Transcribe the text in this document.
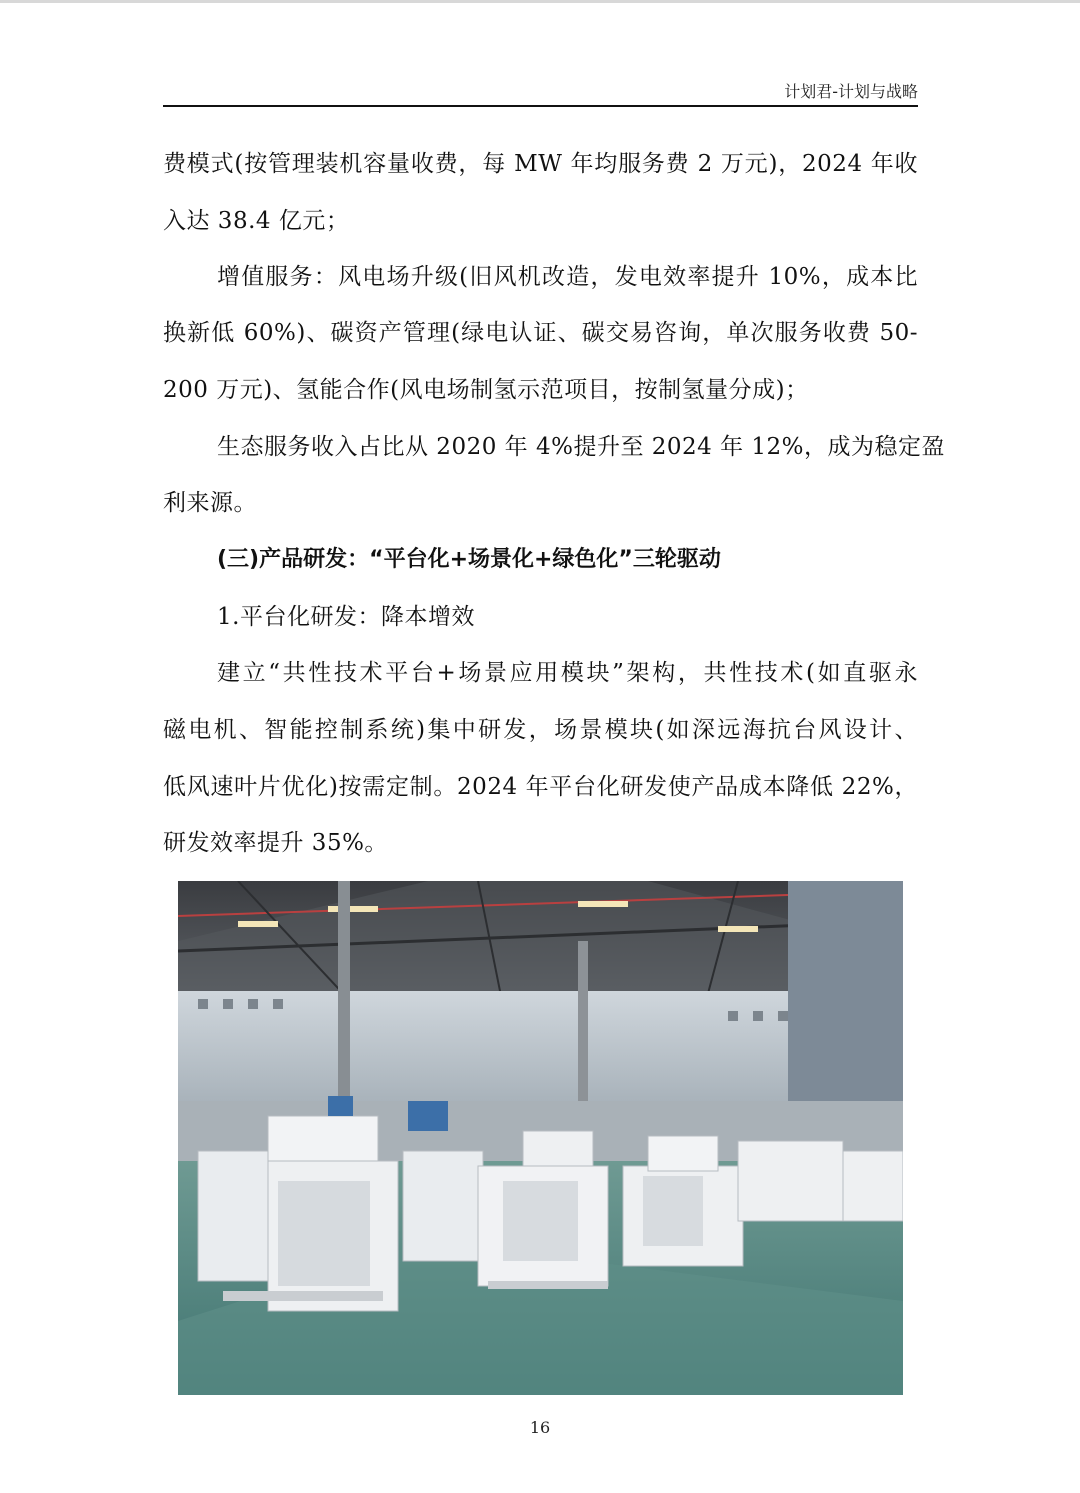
计划君-计划与战略
费模式(按管理装机容量收费，每 MW 年均服务费 2 万元)，2024 年收
入达 38.4 亿元；
增值服务：风电场升级(旧风机改造，发电效率提升 10%，成本比
换新低 60%)、碳资产管理(绿电认证、碳交易咨询，单次服务收费 50-
200 万元)、氢能合作(风电场制氢示范项目，按制氢量分成)；
生态服务收入占比从 2020 年 4%提升至 2024 年 12%，成为稳定盈
利来源。
(三)产品研发：“平台化+场景化+绿色化”三轮驱动
1.平台化研发：降本增效
建立“共性技术平台+场景应用模块”架构，共性技术(如直驱永
磁电机、智能控制系统)集中研发，场景模块(如深远海抗台风设计、
低风速叶片优化)按需定制。2024 年平台化研发使产品成本降低 22%，
研发效率提升 35%。
16
